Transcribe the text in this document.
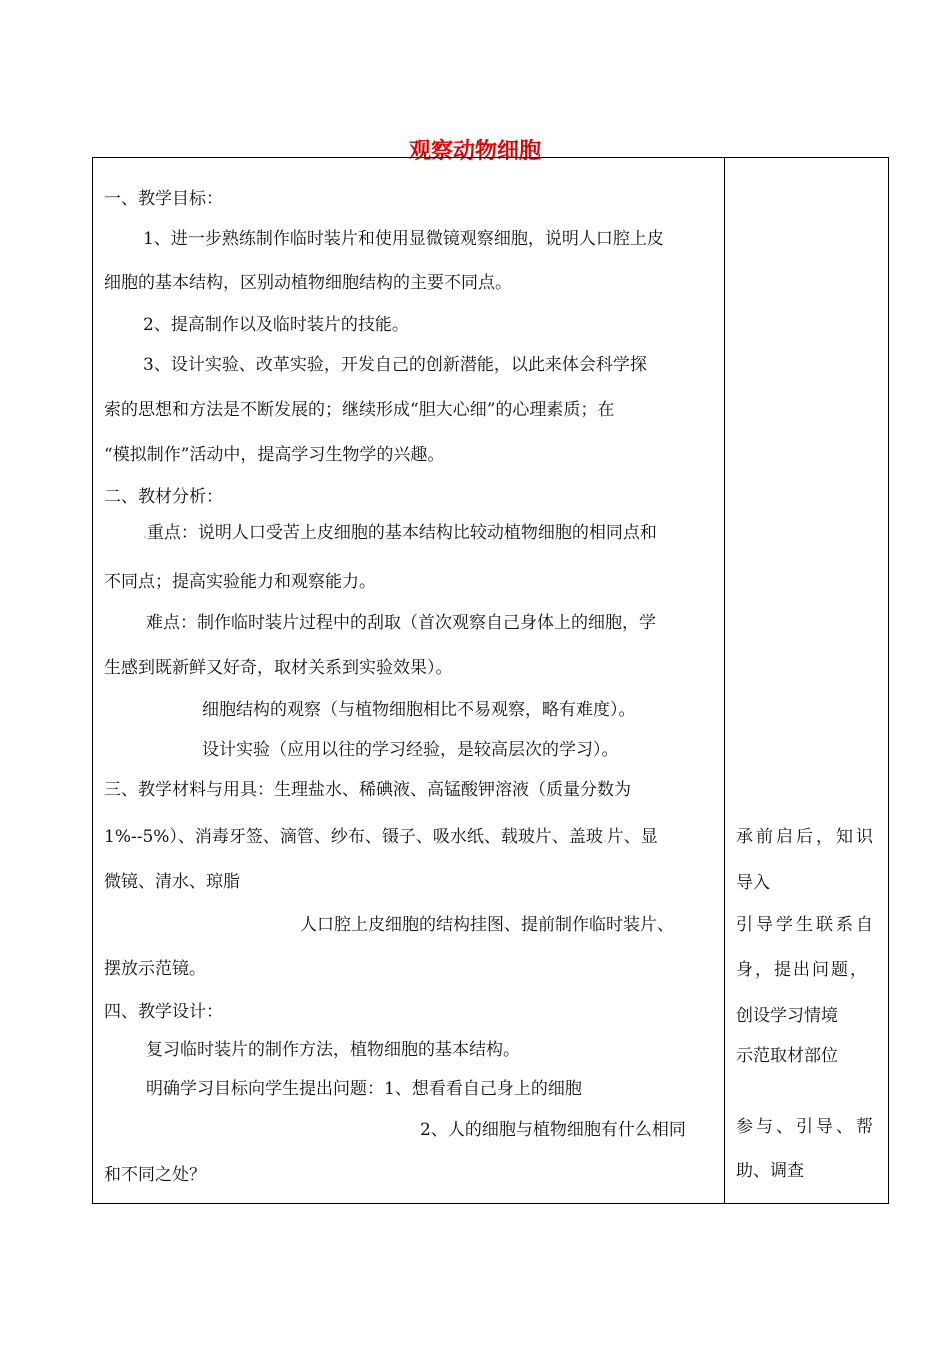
观察动物细胞
一、教学目标：
1、进一步熟练制作临时装片和使用显微镜观察细胞，说明人口腔上皮
细胞的基本结构，区别动植物细胞结构的主要不同点。
2、提高制作以及临时装片的技能。
3、设计实验、改革实验，开发自己的创新潜能，以此来体会科学探
索的思想和方法是不断发展的；继续形成“胆大心细”的心理素质；在
“模拟制作”活动中，提高学习生物学的兴趣。
二、教材分析：
.重点：说明人口受苦上皮细胞的基本结构比较动植物细胞的相同点和
不同点；提高实验能力和观察能力。
难点：制作临时装片过程中的刮取（首次观察自己身体上的细胞，学
生感到既新鲜又好奇，取材关系到实验效果）。
细胞结构的观察（与植物细胞相比不易观察，略有难度）。
设计实验（应用以往的学习经验，是较高层次的学习）。
三、教学材料与用具：生理盐水、稀碘液、高锰酸钾溶液（质量分数为
1%--5%）、消毒牙签、滴管、纱布、镊子、吸水纸、载玻片、盖玻.片、显
微镜、清水、琼脂
人口腔上皮细胞的结构挂图、提前制作临时装片、
摆放示范镜。
四、教学设计：
复习临时装片的制作方法，植物细胞的基本结构。
明确学习目标向学生提出问题：1、想看看自己身上的细胞
2、人的细胞与植物细胞有什么相同
和不同之处？
承前启后，知识
导入
引导学生联系自
身，提出问题，
创设学习情境
示范取材部位
参与、引导、帮
助、调查
